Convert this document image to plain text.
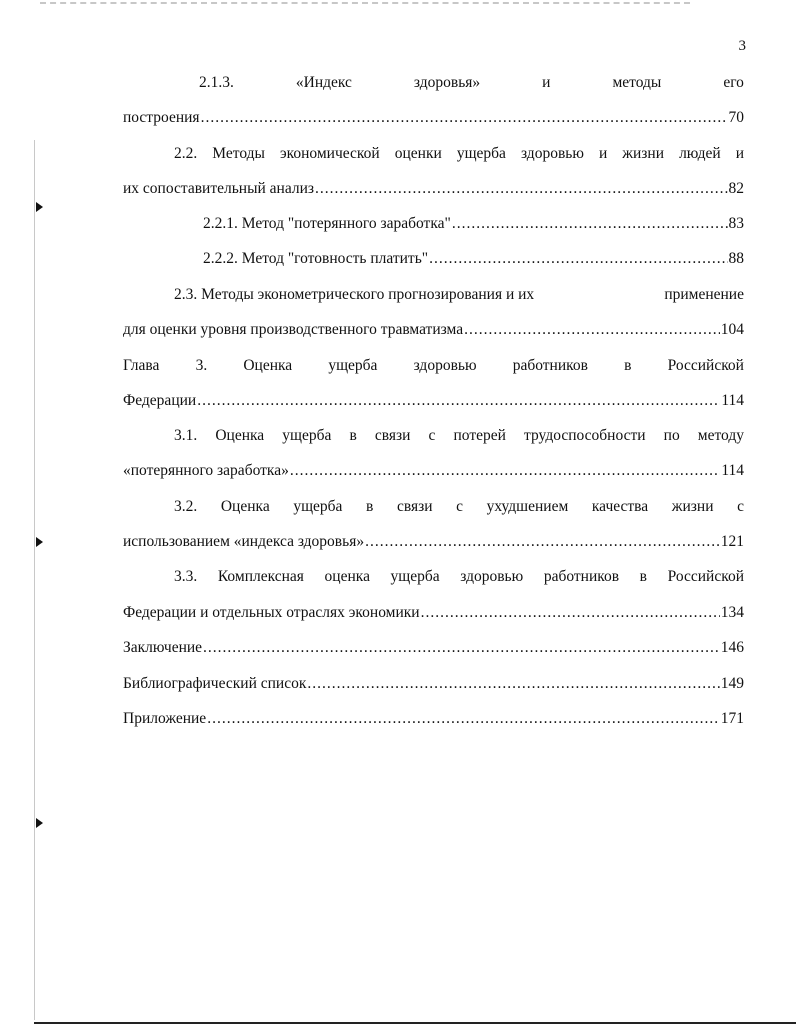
3
2.1.3.	«Индекс	здоровья»	и	методы	его
построения .....	70
2.2. Методы экономической оценки ущерба здоровью и жизни людей и
их сопоставительный анализ .....	82
2.2.1. Метод "потерянного заработка" .....	83
2.2.2. Метод "готовность платить" .....	88
2.3. Методы эконометрического прогнозирования и их	применение
для оценки уровня производственного травматизма .....	104
Глава 3. Оценка ущерба здоровью работников в Российской
Федерации .....	114
3.1. Оценка ущерба в связи с потерей трудоспособности по методу
«потерянного заработка» .....	114
3.2. Оценка ущерба в связи с ухудшением качества жизни с
использованием «индекса здоровья» .....	121
3.3. Комплексная оценка ущерба здоровью работников в Российской
Федерации и отдельных отраслях экономики .....	134
Заключение .....	146
Библиографический список .....	149
Приложение .....	171
